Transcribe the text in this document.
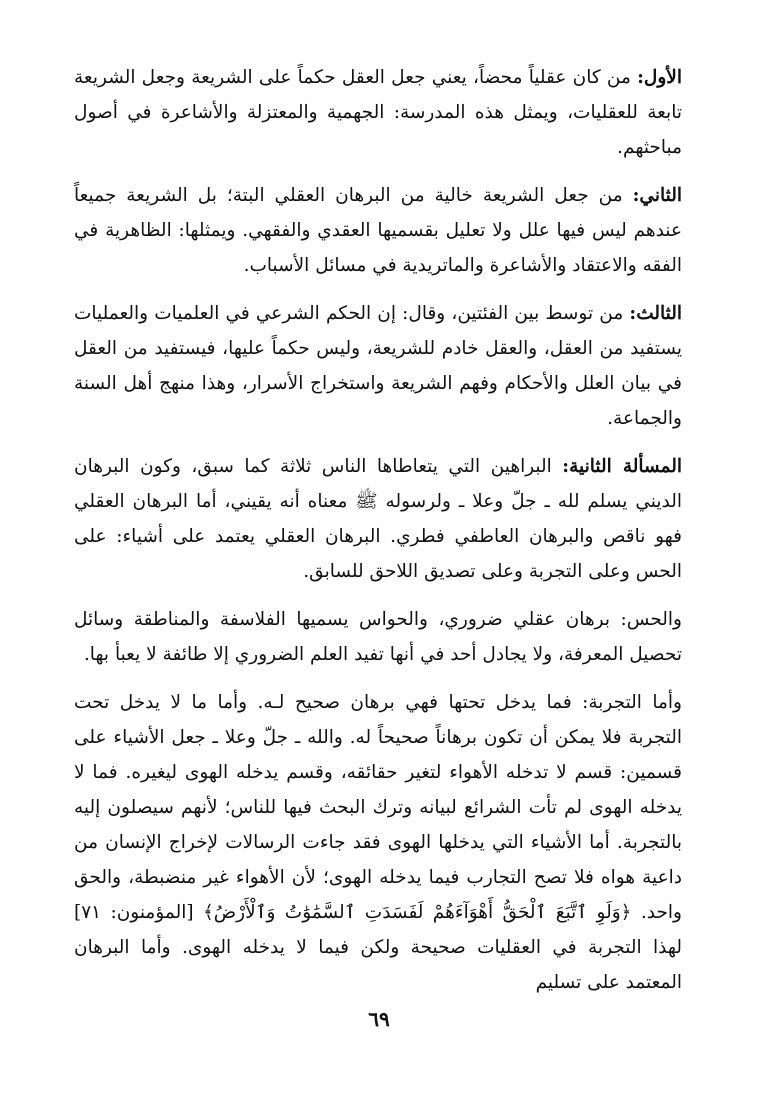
الأول: من كان عقلياً محضاً، يعني جعل العقل حكماً على الشريعة وجعل الشريعة تابعة للعقليات، ويمثل هذه المدرسة: الجهمية والمعتزلة والأشاعرة في أصول مباحثهم.

الثاني: من جعل الشريعة خالية من البرهان العقلي البتة؛ بل الشريعة جميعاً عندهم ليس فيها علل ولا تعليل بقسميها العقدي والفقهي. ويمثلها: الظاهرية في الفقه والاعتقاد والأشاعرة والماتريدية في مسائل الأسباب.

الثالث: من توسط بين الفئتين، وقال: إن الحكم الشرعي في العلميات والعمليات يستفيد من العقل، والعقل خادم للشريعة، وليس حكماً عليها، فيستفيد من العقل في بيان العلل والأحكام وفهم الشريعة واستخراج الأسرار، وهذا منهج أهل السنة والجماعة.

المسألة الثانية: البراهين التي يتعاطاها الناس ثلاثة كما سبق، وكون البرهان الديني يسلم لله ـ جلّ وعلا ـ ولرسوله ﷺ معناه أنه يقيني، أما البرهان العقلي فهو ناقص والبرهان العاطفي فطري. البرهان العقلي يعتمد على أشياء: على الحس وعلى التجربة وعلى تصديق اللاحق للسابق.

والحس: برهان عقلي ضروري، والحواس يسميها الفلاسفة والمناطقة وسائل تحصيل المعرفة، ولا يجادل أحد في أنها تفيد العلم الضروري إلا طائفة لا يعبأ بها.

وأما التجربة: فما يدخل تحتها فهي برهان صحيح لـه. وأما ما لا يدخل تحت التجربة فلا يمكن أن تكون برهاناً صحيحاً له. والله ـ جلّ وعلا ـ جعل الأشياء على قسمين: قسم لا تدخله الأهواء لتغير حقائقه، وقسم يدخله الهوى ليغيره. فما لا يدخله الهوى لم تأت الشرائع لبيانه وترك البحث فيها للناس؛ لأنهم سيصلون إليه بالتجربة. أما الأشياء التي يدخلها الهوى فقد جاءت الرسالات لإخراج الإنسان من داعية هواه فلا تصح التجارب فيما يدخله الهوى؛ لأن الأهواء غير منضبطة، والحق واحد. ﴿وَلَوِ ٱتَّبَعَ ٱلْحَقُّ أَهْوَآءَهُمْ لَفَسَدَتِ ٱلسَّمَٰوَٰتُ وَٱلْأَرْضُ﴾ [المؤمنون: ٧١] لهذا التجربة في العقليات صحيحة ولكن فيما لا يدخله الهوى. وأما البرهان المعتمد على تسليم

٦٩
